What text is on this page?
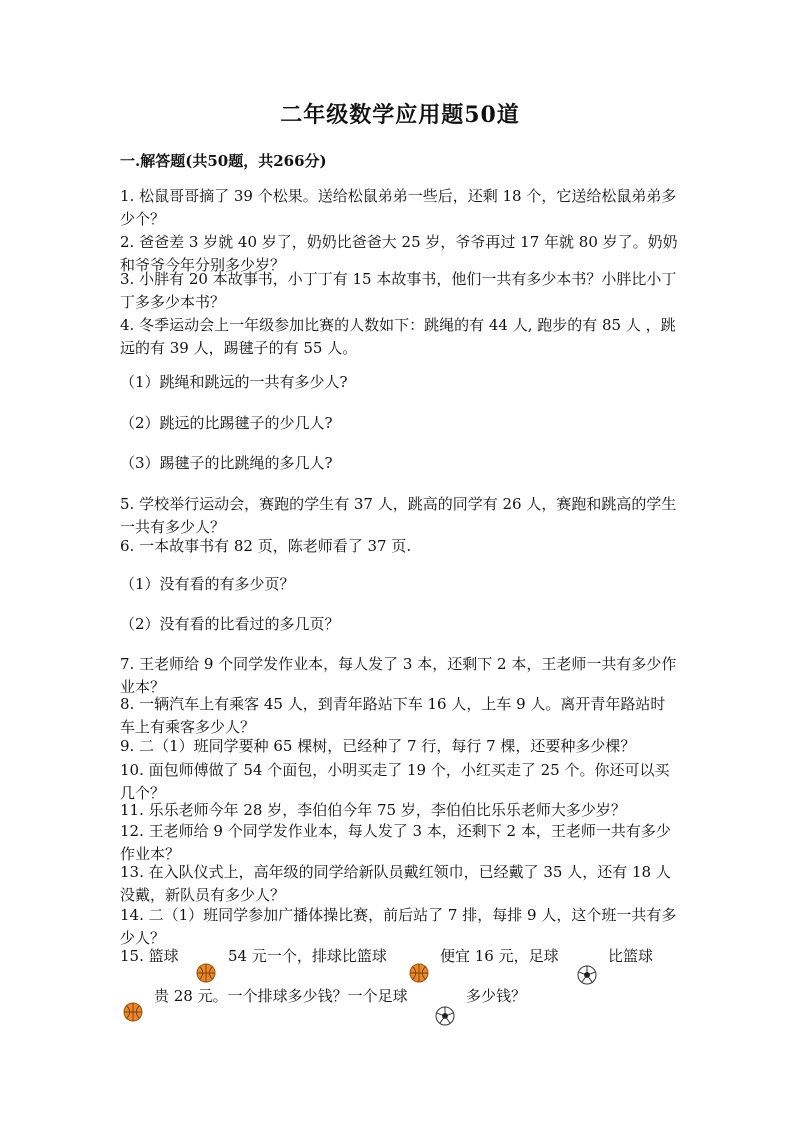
二年级数学应用题50道
一.解答题(共50题，共266分)

1. 松鼠哥哥摘了 39 个松果。送给松鼠弟弟一些后，还剩 18 个，它送给松鼠弟弟多少个？

2. 爸爸差 3 岁就 40 岁了，奶奶比爸爸大 25 岁，爷爷再过 17 年就 80 岁了。奶奶和爷爷今年分别多少岁？

3. 小胖有 20 本故事书，小丁丁有 15 本故事书，他们一共有多少本书？小胖比小丁丁多多少本书？

4. 冬季运动会上一年级参加比赛的人数如下：跳绳的有 44 人, 跑步的有 85 人 ，跳远的有 39 人，踢毽子的有 55 人。

（1）跳绳和跳远的一共有多少人?
（2）跳远的比踢毽子的少几人?
（3）踢毽子的比跳绳的多几人?

5. 学校举行运动会，赛跑的学生有 37 人，跳高的同学有 26 人，赛跑和跳高的学生一共有多少人？

6. 一本故事书有 82 页，陈老师看了 37 页.

（1）没有看的有多少页？
（2）没有看的比看过的多几页？

7. 王老师给 9 个同学发作业本，每人发了 3 本，还剩下 2 本，王老师一共有多少作业本？

8. 一辆汽车上有乘客 45 人，到青年路站下车 16 人，上车 9 人。离开青年路站时车上有乘客多少人？

9. 二（1）班同学要种 65 棵树，已经种了 7 行，每行 7 棵，还要种多少棵？

10. 面包师傅做了 54 个面包，小明买走了 19 个，小红买走了 25 个。你还可以买几个？

11. 乐乐老师今年 28 岁，李伯伯今年 75 岁，李伯伯比乐乐老师大多少岁？

12. 王老师给 9 个同学发作业本，每人发了 3 本，还剩下 2 本，王老师一共有多少作业本？

13. 在入队仪式上，高年级的同学给新队员戴红领巾，已经戴了 35 人，还有 18 人没戴，新队员有多少人？

14. 二（1）班同学参加广播体操比赛，前后站了 7 排，每排 9 人，这个班一共有多少人？

15. 篮球	54 元一个，排球比篮球	便宜 16 元，足球	比篮球
贵 28 元。一个排球多少钱？一个足球	多少钱？
